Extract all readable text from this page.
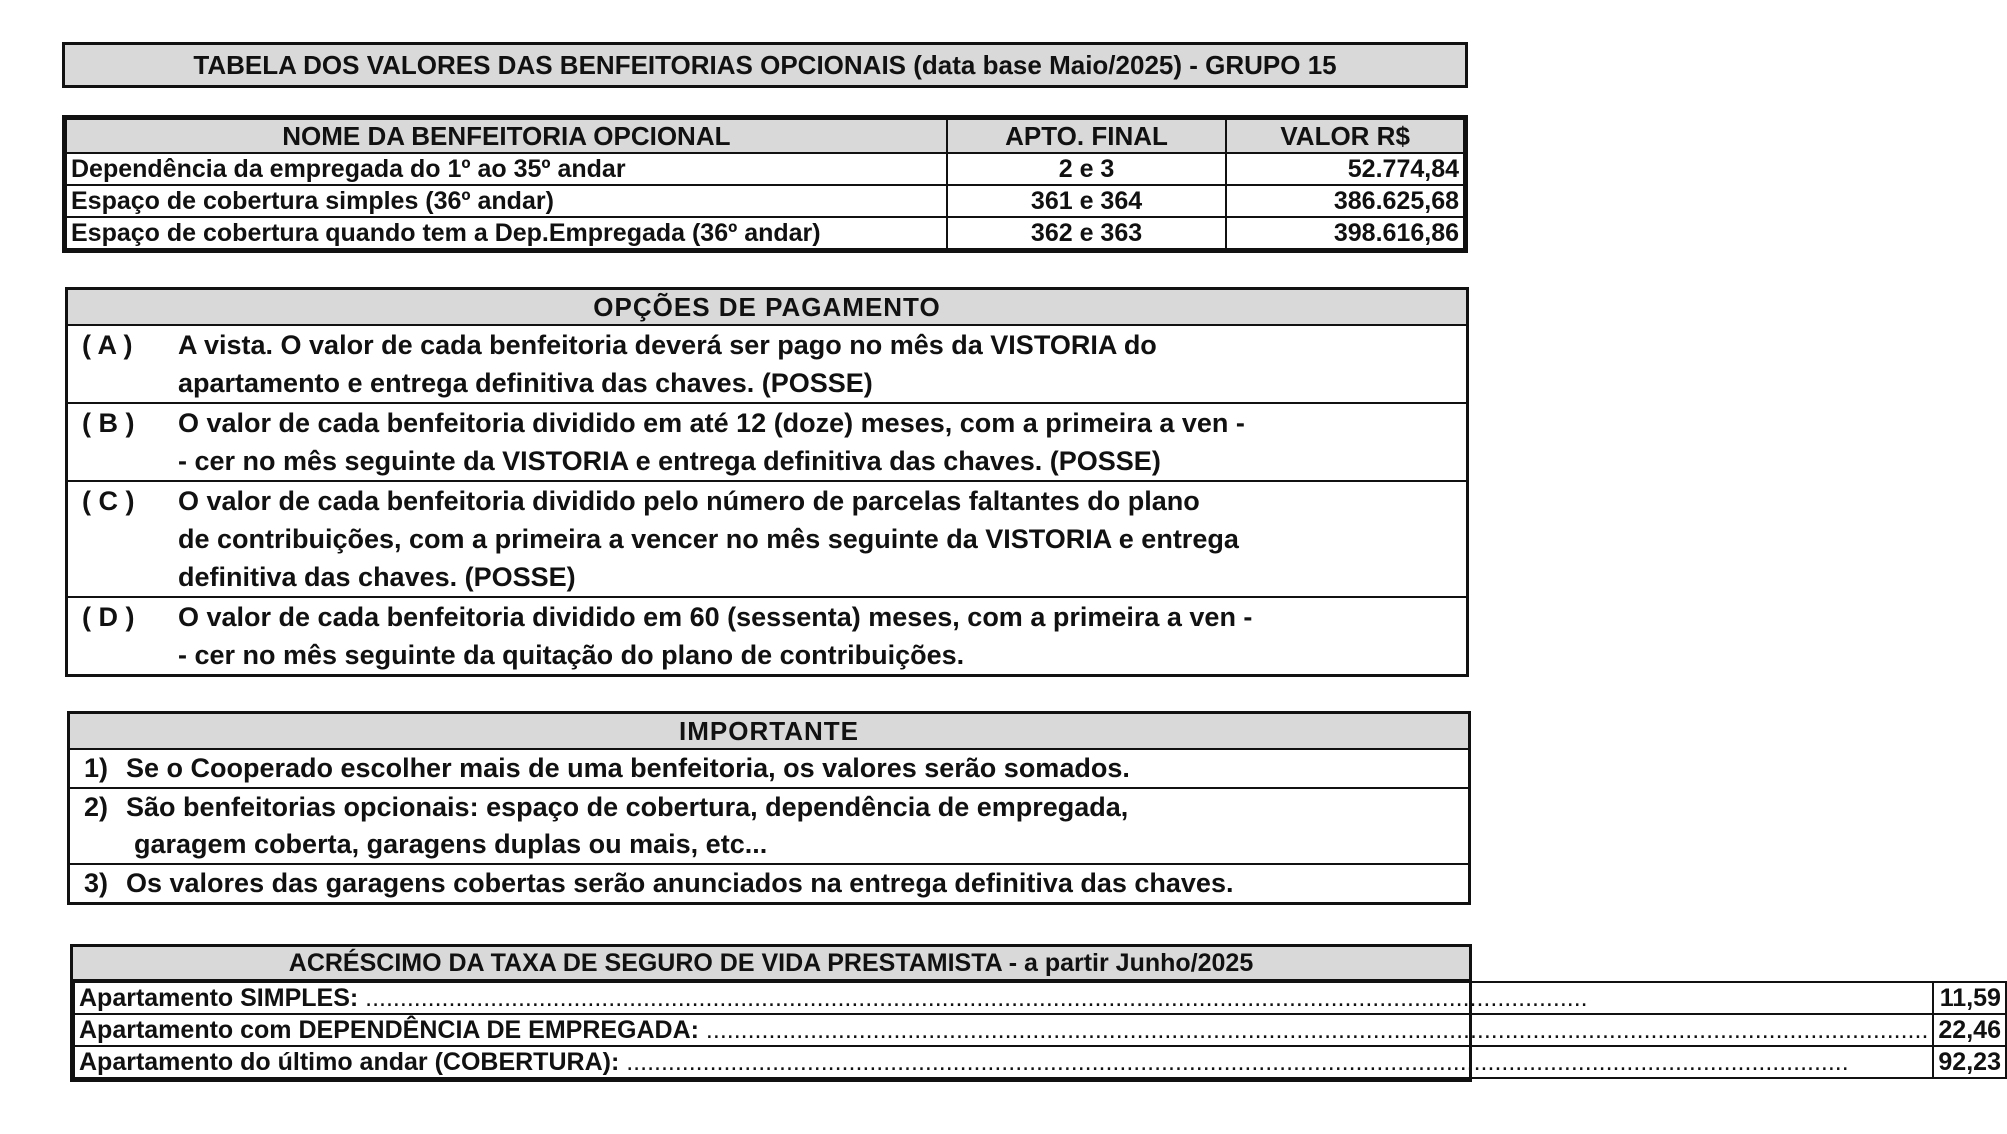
TABELA DOS VALORES DAS BENFEITORIAS OPCIONAIS (data base Maio/2025) - GRUPO 15
NOME DA BENFEITORIA OPCIONAL	APTO. FINAL	VALOR R$
Dependência da empregada do 1º ao 35º andar	2 e 3	52.774,84
Espaço de cobertura simples (36º andar)	361 e 364	386.625,68
Espaço de cobertura quando tem a Dep.Empregada (36º andar)	362 e 363	398.616,86
OPÇÕES DE PAGAMENTO
( A )	A vista. O valor de cada benfeitoria deverá ser pago no mês da VISTORIA do
apartamento e entrega definitiva das chaves. (POSSE)
( B )	O valor de cada benfeitoria dividido em até 12 (doze) meses, com a primeira a ven -
- cer no mês seguinte da VISTORIA e entrega definitiva das chaves. (POSSE)
( C )	O valor de cada benfeitoria dividido pelo número de parcelas faltantes do plano
de contribuições, com a primeira a vencer no mês seguinte da VISTORIA e entrega
definitiva das chaves. (POSSE)
( D )	O valor de cada benfeitoria dividido em 60 (sessenta) meses, com a primeira a ven -
- cer no mês seguinte da quitação do plano de contribuições.
IMPORTANTE
1) Se o Cooperado escolher mais de uma benfeitoria, os valores serão somados.
2) São benfeitorias opcionais: espaço de cobertura, dependência de empregada,
garagem coberta, garagens duplas ou mais, etc...
3) Os valores das garagens cobertas serão anunciados na entrega definitiva das chaves.
ACRÉSCIMO DA TAXA DE SEGURO DE VIDA PRESTAMISTA - a partir Junho/2025
Apartamento SIMPLES: .....	11,59
Apartamento com DEPENDÊNCIA DE EMPREGADA: .....	22,46
Apartamento do último andar (COBERTURA): .....	92,23
